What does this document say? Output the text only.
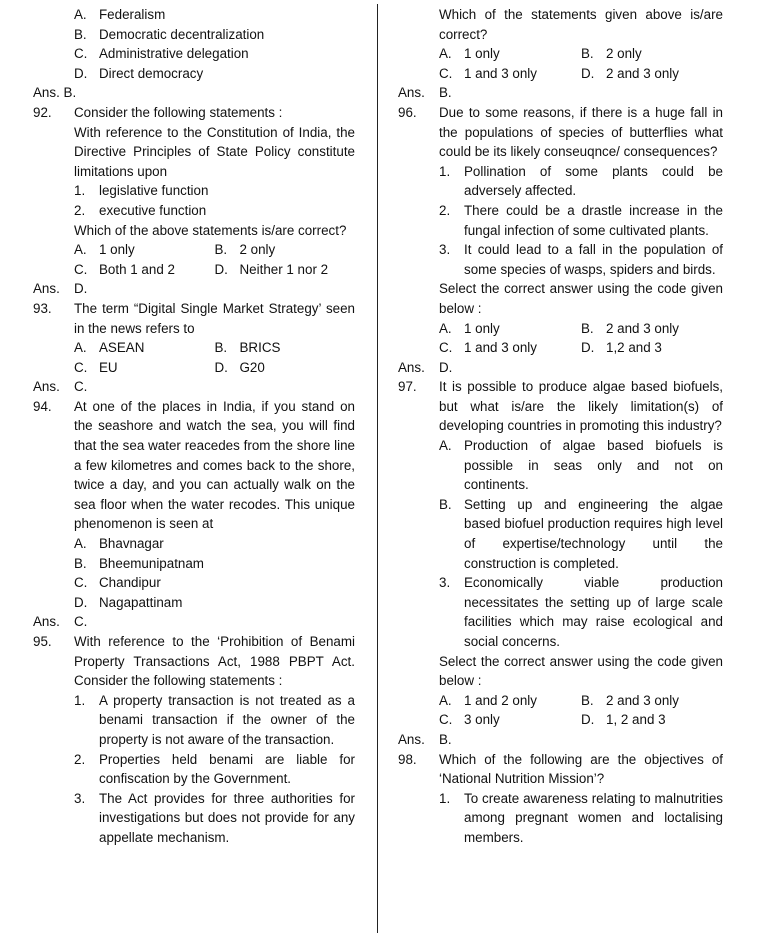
A. Federalism
B. Democratic decentralization
C. Administrative delegation
D. Direct democracy
Ans.
B.
92.	Consider the following statements :
With reference to the Constitution of India, the Directive Principles of State Policy constitute limitations upon
1.	legislative function
2.	executive function
Which of the above statements is/are correct?
A. 1 only	B. 2 only
C. Both 1 and 2	D. Neither 1 nor 2
Ans.	D.
93.	The term “Digital Single Market Strategy’ seen in the news refers to
A. ASEAN	B. BRICS
C. EU	D. G20
Ans.	C.
94.	At one of the places in India, if you stand on the seashore and watch the sea, you will find that the sea water reacedes from the shore line a few kilometres and comes back to the shore, twice a day, and you can actually walk on the sea floor when the water recodes. This unique phenomenon is seen at
A. Bhavnagar
B. Bheemunipatnam
C. Chandipur
D. Nagapattinam
Ans.	C.
95.	With reference to the ‘Prohibition of Benami Property Transactions Act, 1988 PBPT Act. Consider the following statements :
1.	A property transaction is not treated as a benami transaction if the owner of the property is not aware of the transaction.
2.	Properties held benami are liable for confiscation by the Government.
3.	The Act provides for three authorities for investigations but does not provide for any appellate mechanism.
Which of the statements given above is/are correct?
A. 1 only	B. 2 only
C. 1 and 3 only	D. 2 and 3 only
Ans.	B.
96.	Due to some reasons, if there is a huge fall in the populations of species of butterflies what could be its likely conseuqnce/ consequences?
1.	Pollination of some plants could be adversely affected.
2.	There could be a drastle increase in the fungal infection of some cultivated plants.
3.	It could lead to a fall in the population of some species of wasps, spiders and birds.
Select the correct answer using the code given below :
A. 1 only	B. 2 and 3 only
C. 1 and 3 only	D. 1,2 and 3
Ans.	D.
97.	It is possible to produce algae based biofuels, but what is/are the likely limitation(s) of developing countries in promoting this industry?
A. Production of algae based biofuels is possible in seas only and not on continents.
B. Setting up and engineering the algae based biofuel production requires high level of expertise/technology until the construction is completed.
3.	Economically viable production necessitates the setting up of large scale facilities which may raise ecological and social concerns.
Select the correct answer using the code given below :
A. 1 and 2 only	B. 2 and 3 only
C. 3 only	D. 1, 2 and 3
Ans.	B.
98.	Which of the following are the objectives of ‘National Nutrition Mission’?
1.	To create awareness relating to malnutrities among pregnant women and loctalising members.
